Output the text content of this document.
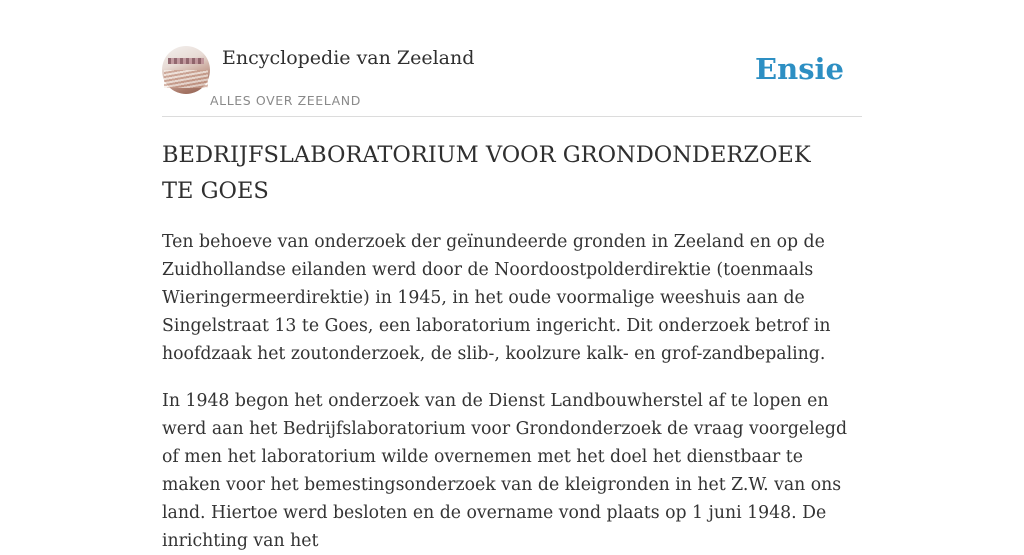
Encyclopedie van Zeeland
ALLES OVER ZEELAND
Ensie
BEDRIJFSLABORATORIUM VOOR GRONDONDERZOEK TE GOES

Ten behoeve van onderzoek der geïnundeerde gronden in Zeeland en op de Zuidhollandse eilanden werd door de Noordoostpolderdirektie (toenmaals Wieringermeerdirektie) in 1945, in het oude voormalige weeshuis aan de Singelstraat 13 te Goes, een laboratorium ingericht. Dit onderzoek betrof in hoofdzaak het zoutonderzoek, de slib-, koolzure kalk- en grof-zandbepaling.

In 1948 begon het onderzoek van de Dienst Landbouwherstel af te lopen en werd aan het Bedrijfslaboratorium voor Grondonderzoek de vraag voorgelegd of men het laboratorium wilde overnemen met het doel het dienstbaar te maken voor het bemestingsonderzoek van de kleigronden in het Z.W. van ons land. Hiertoe werd besloten en de overname vond plaats op 1 juni 1948. De inrichting van het
